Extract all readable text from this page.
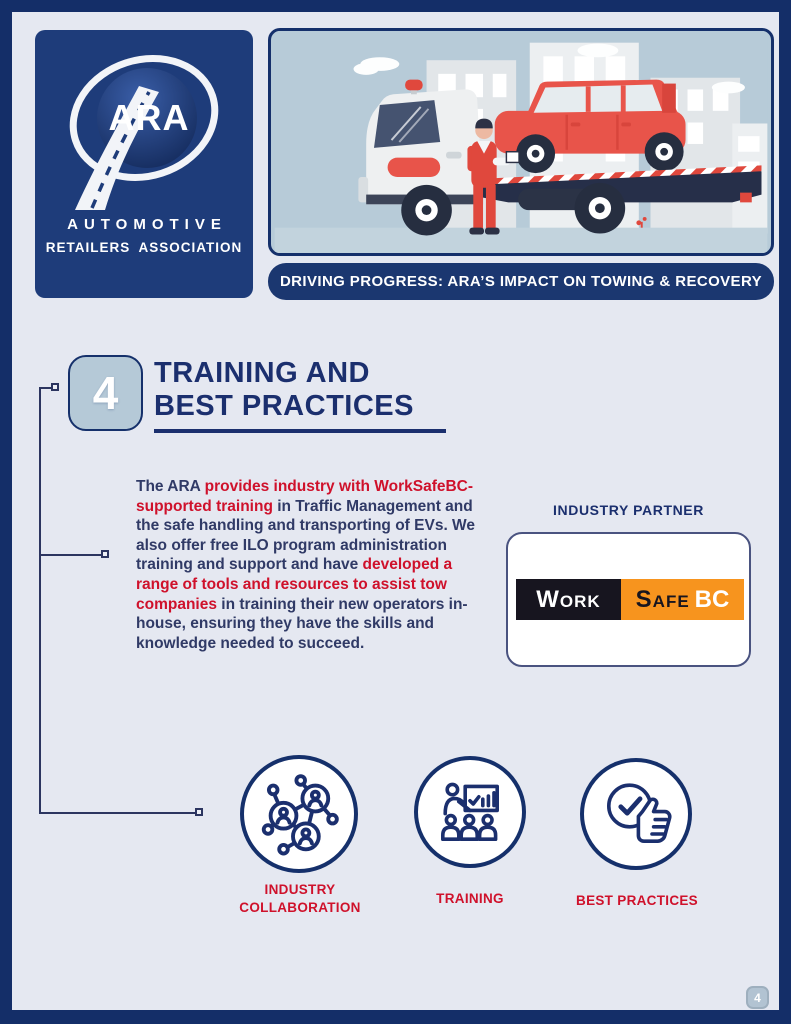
ARA
AUTOMOTIVE
RETAILERS ASSOCIATION
DRIVING PROGRESS: ARA’S IMPACT ON TOWING & RECOVERY
4 TRAINING AND
BEST PRACTICES
The ARA provides industry with WorkSafeBC-supported training in Traffic Management and the safe handling and transporting of EVs. We also offer free ILO program administration training and support and have developed a range of tools and resources to assist tow companies in training their new operators in-house, ensuring they have the skills and knowledge needed to succeed.
INDUSTRY PARTNER
Work Safe BC
INDUSTRY COLLABORATION
TRAINING	BEST PRACTICES
4
